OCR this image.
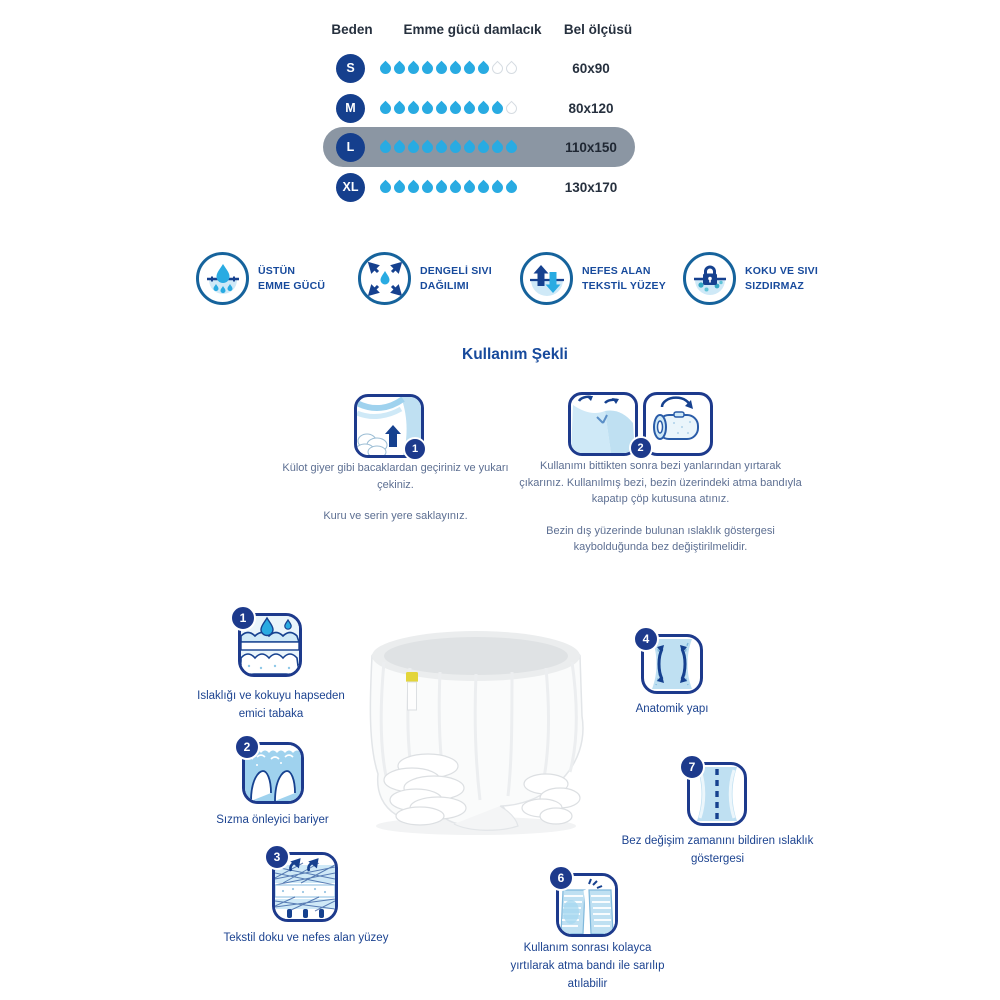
Beden	Emme gücü damlacık	Bel ölçüsü
S	60x90
M	80x120
L	110x150
XL	130x170
ÜSTÜN
EMME GÜCÜ
DENGELİ SIVI
DAĞILIMI
NEFES ALAN
TEKSTİL YÜZEY
KOKU VE SIVI
SIZDIRMAZ
Kullanım Şekli
1

Külot giyer gibi bacaklardan geçiriniz ve yukarı çekiniz.

Kuru ve serin yere saklayınız.

2

Kullanımı bittikten sonra bezi yanlarından yırtarak çıkarınız. Kullanılmış bezi, bezin üzerindeki atma bandıyla kapatıp çöp kutusuna atınız.

Bezin dış yüzerinde bulunan ıslaklık göstergesi kaybolduğunda bez değiştirilmelidir.

1
Islaklığı ve kokuyu hapseden emici tabaka
2
Sızma önleyici bariyer
3
Tekstil doku ve nefes alan yüzey
4
Anatomik yapı
7
Bez değişim zamanını bildiren ıslaklık göstergesi
6
Kullanım sonrası kolayca yırtılarak atma bandı ile sarılıp atılabilir
